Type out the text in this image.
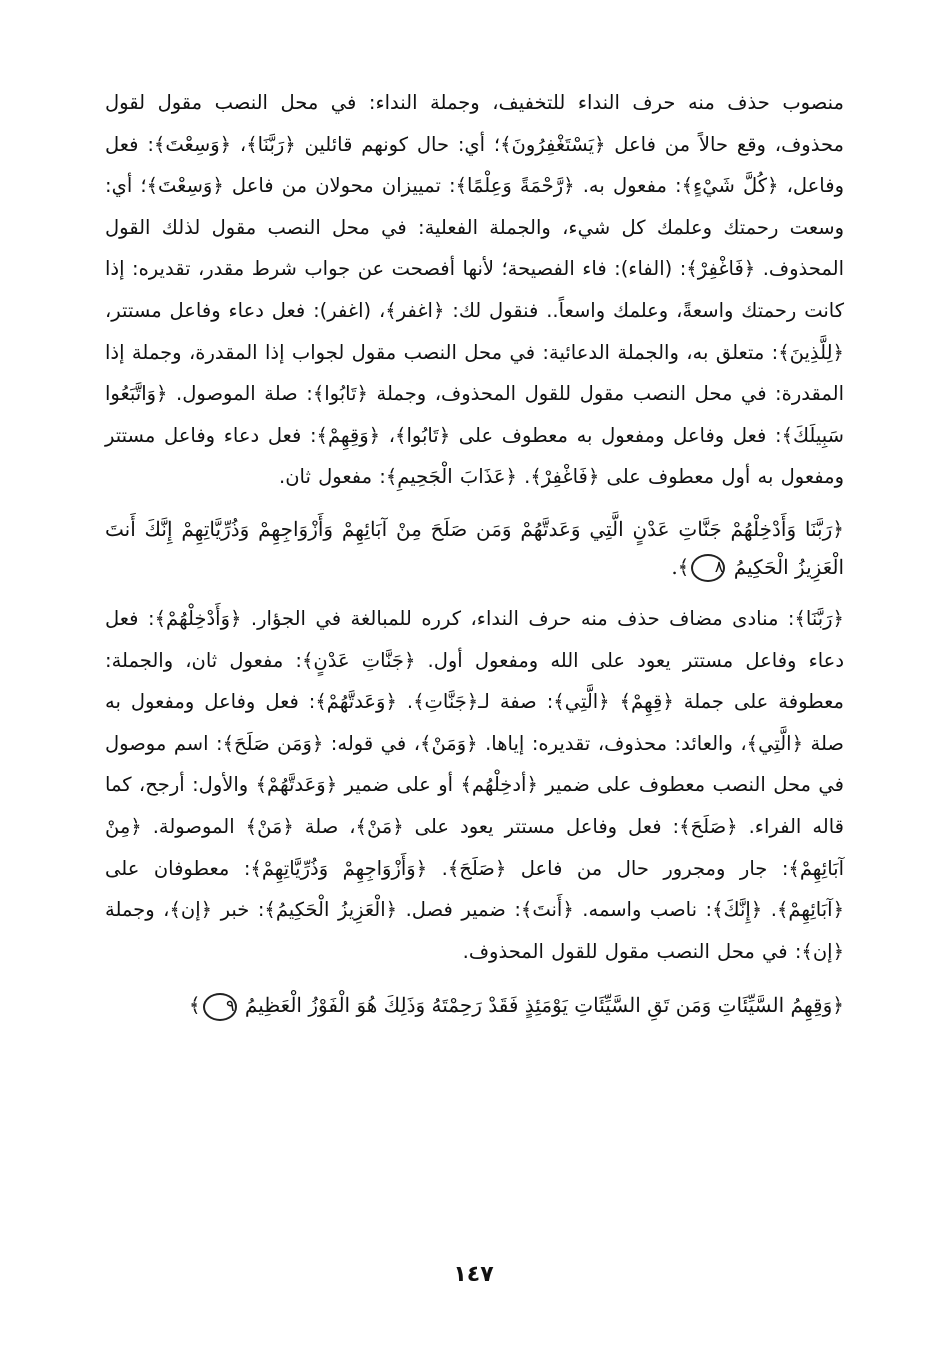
منصوب حذف منه حرف النداء للتخفيف، وجملة النداء: في محل النصب مقول لقول محذوف، وقع حالاً من فاعل ﴿يَسْتَغْفِرُونَ﴾؛ أي: حال كونهم قائلين ﴿رَبَّنَا﴾، ﴿وَسِعْتَ﴾: فعل وفاعل، ﴿كُلَّ شَيْءٍ﴾: مفعول به. ﴿رَّحْمَةً وَعِلْمًا﴾: تمييزان محولان من فاعل ﴿وَسِعْتَ﴾؛ أي: وسعت رحمتك وعلمك كل شيء، والجملة الفعلية: في محل النصب مقول لذلك القول المحذوف. ﴿فَاغْفِرْ﴾: (الفاء): فاء الفصيحة؛ لأنها أفصحت عن جواب شرط مقدر، تقديره: إذا كانت رحمتك واسعةً، وعلمك واسعاً.. فنقول لك: ﴿اغفر﴾، (اغفر): فعل دعاء وفاعل مستتر، ﴿لِلَّذِينَ﴾: متعلق به، والجملة الدعائية: في محل النصب مقول لجواب إذا المقدرة، وجملة إذا المقدرة: في محل النصب مقول للقول المحذوف، وجملة ﴿تَابُوا﴾: صلة الموصول. ﴿وَاتَّبَعُوا سَبِيلَكَ﴾: فعل وفاعل ومفعول به معطوف على ﴿تَابُوا﴾، ﴿وَقِهِمْ﴾: فعل دعاء وفاعل مستتر ومفعول به أول معطوف على ﴿فَاغْفِرْ﴾. ﴿عَذَابَ الْجَحِيمِ﴾: مفعول ثان.

﴿رَبَّنَا وَأَدْخِلْهُمْ جَنَّاتِ عَدْنٍ الَّتِي وَعَدتَّهُمْ وَمَن صَلَحَ مِنْ آبَائِهِمْ وَأَزْوَاجِهِمْ وَذُرِّيَّاتِهِمْ إِنَّكَ أَنتَ الْعَزِيزُ الْحَكِيمُ ٨﴾.

﴿رَبَّنَا﴾: منادى مضاف حذف منه حرف النداء، كرره للمبالغة في الجؤار. ﴿وَأَدْخِلْهُمْ﴾: فعل دعاء وفاعل مستتر يعود على الله ومفعول أول. ﴿جَنَّاتِ عَدْنٍ﴾: مفعول ثان، والجملة: معطوفة على جملة ﴿قِهِمْ﴾ ﴿الَّتِي﴾: صفة لـ﴿جَنَّاتِ﴾. ﴿وَعَدتَّهُمْ﴾: فعل وفاعل ومفعول به صلة ﴿الَّتِي﴾، والعائد: محذوف، تقديره: إياها. ﴿وَمَنْ﴾، في قوله: ﴿وَمَن صَلَحَ﴾: اسم موصول في محل النصب معطوف على ضمير ﴿أدخِلْهُم﴾ أو على ضمير ﴿وَعَدتَّهُمْ﴾ والأول: أرجح، كما قاله الفراء. ﴿صَلَحَ﴾: فعل وفاعل مستتر يعود على ﴿مَنْ﴾، صلة ﴿مَنْ﴾ الموصولة. ﴿مِنْ آبَائِهِمْ﴾: جار ومجرور حال من فاعل ﴿صَلَحَ﴾. ﴿وَأَزْوَاجِهِمْ وَذُرِّيَّاتِهِمْ﴾: معطوفان على ﴿آبَائِهِمْ﴾. ﴿إِنَّكَ﴾: ناصب واسمه. ﴿أَنتَ﴾: ضمير فصل. ﴿الْعَزِيزُ الْحَكِيمُ﴾: خبر ﴿إن﴾، وجملة ﴿إن﴾: في محل النصب مقول للقول المحذوف.

﴿وَقِهِمُ السَّيِّئَاتِ وَمَن تَقِ السَّيِّئَاتِ يَوْمَئِذٍ فَقَدْ رَحِمْتَهُ وَذَلِكَ هُوَ الْفَوْزُ الْعَظِيمُ ٩﴾

١٤٧
